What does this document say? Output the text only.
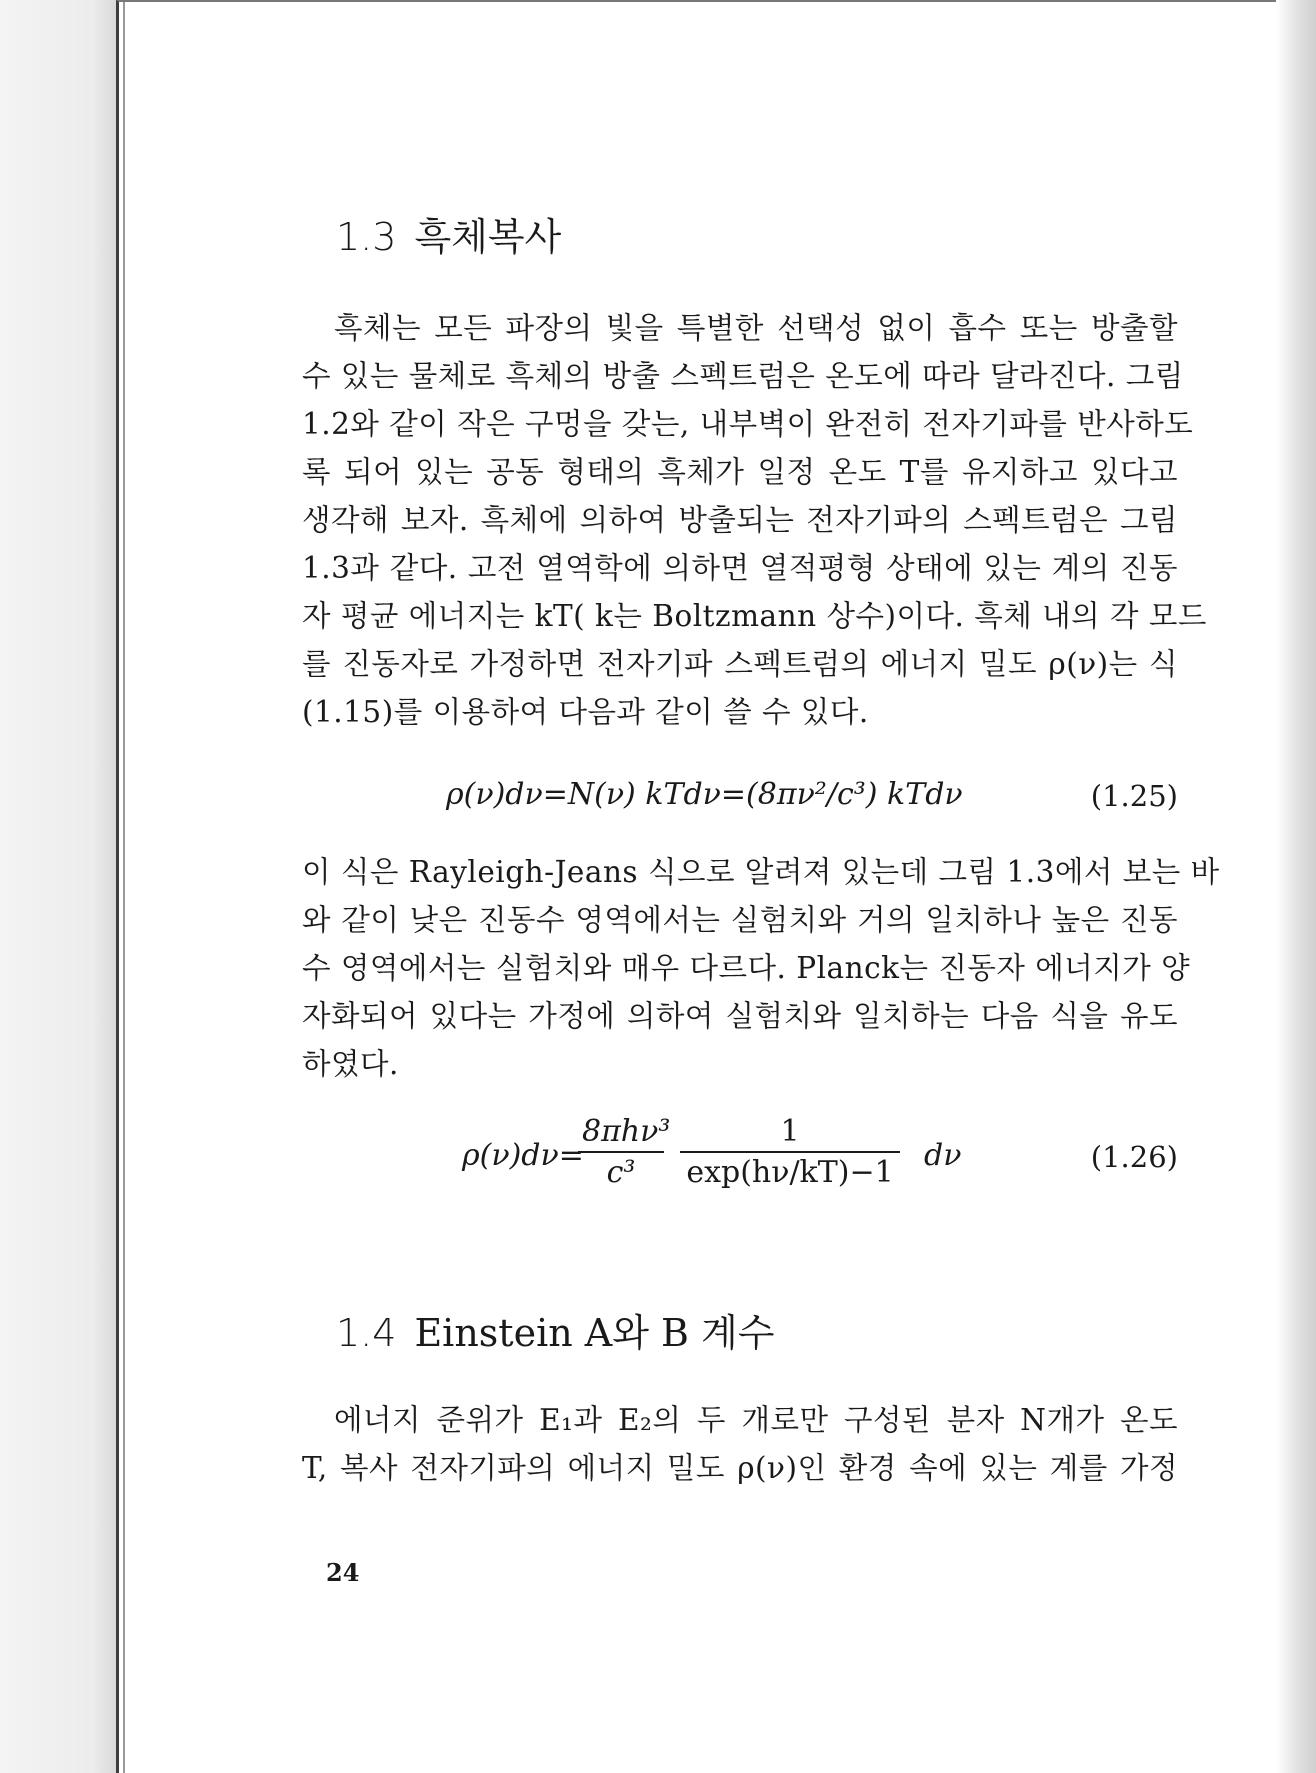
1.3 흑체복사
흑체는 모든 파장의 빛을 특별한 선택성 없이 흡수 또는 방출할
수 있는 물체로 흑체의 방출 스펙트럼은 온도에 따라 달라진다. 그림
1.2와 같이 작은 구멍을 갖는, 내부벽이 완전히 전자기파를 반사하도
록 되어 있는 공동 형태의 흑체가 일정 온도 T를 유지하고 있다고
생각해 보자. 흑체에 의하여 방출되는 전자기파의 스펙트럼은 그림
1.3과 같다. 고전 열역학에 의하면 열적평형 상태에 있는 계의 진동
자 평균 에너지는 kT( k는 Boltzmann 상수)이다. 흑체 내의 각 모드
를 진동자로 가정하면 전자기파 스펙트럼의 에너지 밀도 ρ(ν)는 식
(1.15)를 이용하여 다음과 같이 쓸 수 있다.
ρ(ν)dν=N(ν) kTdν=(8πν²/c³) kTdν	(1.25)
이 식은 Rayleigh-Jeans 식으로 알려져 있는데 그림 1.3에서 보는 바
와 같이 낮은 진동수 영역에서는 실험치와 거의 일치하나 높은 진동
수 영역에서는 실험치와 매우 다르다. Planck는 진동자 에너지가 양
자화되어 있다는 가정에 의하여 실험치와 일치하는 다음 식을 유도
하였다.
ρ(ν)dν=
8πhν³
c³	$\frac{1}{\exp(h\nu/kT)-1}$ dν	(1.26)
1.4 Einstein A와 B 계수
에너지 준위가 E₁과 E₂의 두 개로만 구성된 분자 N개가 온도
T, 복사 전자기파의 에너지 밀도 ρ(ν)인 환경 속에 있는 계를 가정
24
